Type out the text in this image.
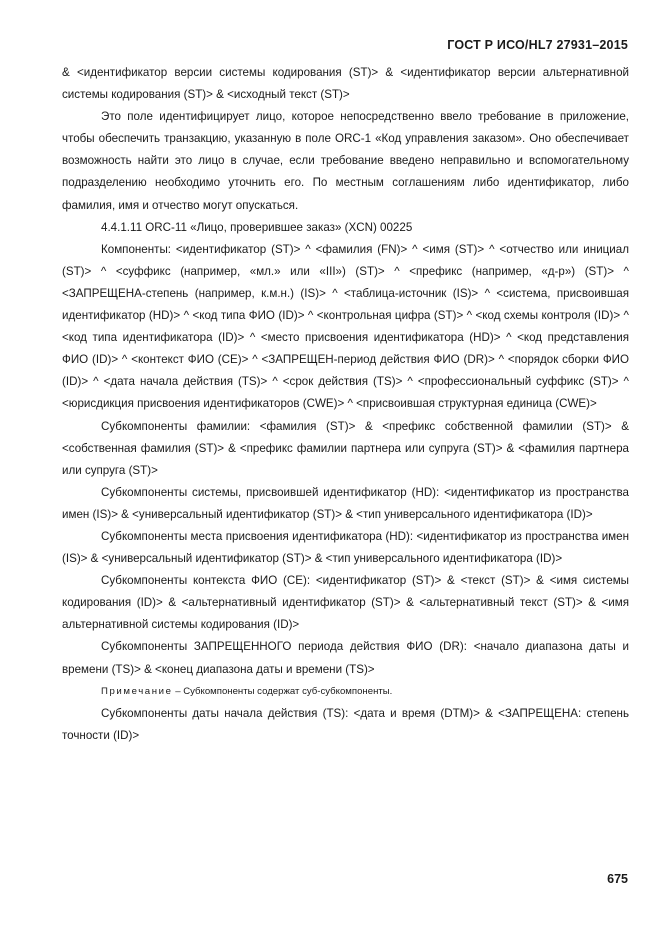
ГОСТ Р ИСО/HL7 27931–2015

& <идентификатор версии системы кодирования (ST)> & <идентификатор версии альтернативной системы кодирования (ST)> & <исходный текст (ST)>

Это поле идентифицирует лицо, которое непосредственно ввело требование в приложение, чтобы обеспечить транзакцию, указанную в поле ORC-1 «Код управления заказом». Оно обеспечивает возможность найти это лицо в случае, если требование введено неправильно и вспомогательному подразделению необходимо уточнить его. По местным соглашениям либо идентификатор, либо фамилия, имя и отчество могут опускаться.

4.4.1.11 ORC-11 «Лицо, проверившее заказ» (XCN) 00225

Компоненты: <идентификатор (ST)> ^ <фамилия (FN)> ^ <имя (ST)> ^ <отчество или инициал (ST)> ^ <суффикс (например, «мл.» или «III») (ST)> ^ <префикс (например, «д-р») (ST)> ^ <ЗАПРЕЩЕНА-степень (например, к.м.н.) (IS)> ^ <таблица-источник (IS)> ^ <система, присвоившая идентификатор (HD)> ^ <код типа ФИО (ID)> ^ <контрольная цифра (ST)> ^ <код схемы контроля (ID)> ^ <код типа идентификатора (ID)> ^ <место присвоения идентификатора (HD)> ^ <код представления ФИО (ID)> ^ <контекст ФИО (CE)> ^ <ЗАПРЕЩЕН-период действия ФИО (DR)> ^ <порядок сборки ФИО (ID)> ^ <дата начала действия (TS)> ^ <срок действия (TS)> ^ <профессиональный суффикс (ST)> ^ <юрисдикция присвоения идентификаторов (CWE)> ^ <присвоившая структурная единица (CWE)>

Субкомпоненты фамилии: <фамилия (ST)> & <префикс собственной фамилии (ST)> & <собственная фамилия (ST)> & <префикс фамилии партнера или супруга (ST)> & <фамилия партнера или супруга (ST)>

Субкомпоненты системы, присвоившей идентификатор (HD): <идентификатор из пространства имен (IS)> & <универсальный идентификатор (ST)> & <тип универсального идентификатора (ID)>

Субкомпоненты места присвоения идентификатора (HD): <идентификатор из пространства имен (IS)> & <универсальный идентификатор (ST)> & <тип универсального идентификатора (ID)>

Субкомпоненты контекста ФИО (CE): <идентификатор (ST)> & <текст (ST)> & <имя системы кодирования (ID)> & <альтернативный идентификатор (ST)> & <альтернативный текст (ST)> & <имя альтернативной системы кодирования (ID)>

Субкомпоненты ЗАПРЕЩЕННОГО периода действия ФИО (DR): <начало диапазона даты и времени (TS)> & <конец диапазона даты и времени (TS)>

Примечание – Субкомпоненты содержат суб-субкомпоненты.

Субкомпоненты даты начала действия (TS): <дата и время (DTM)> & <ЗАПРЕЩЕНА: степень точности (ID)>

675
